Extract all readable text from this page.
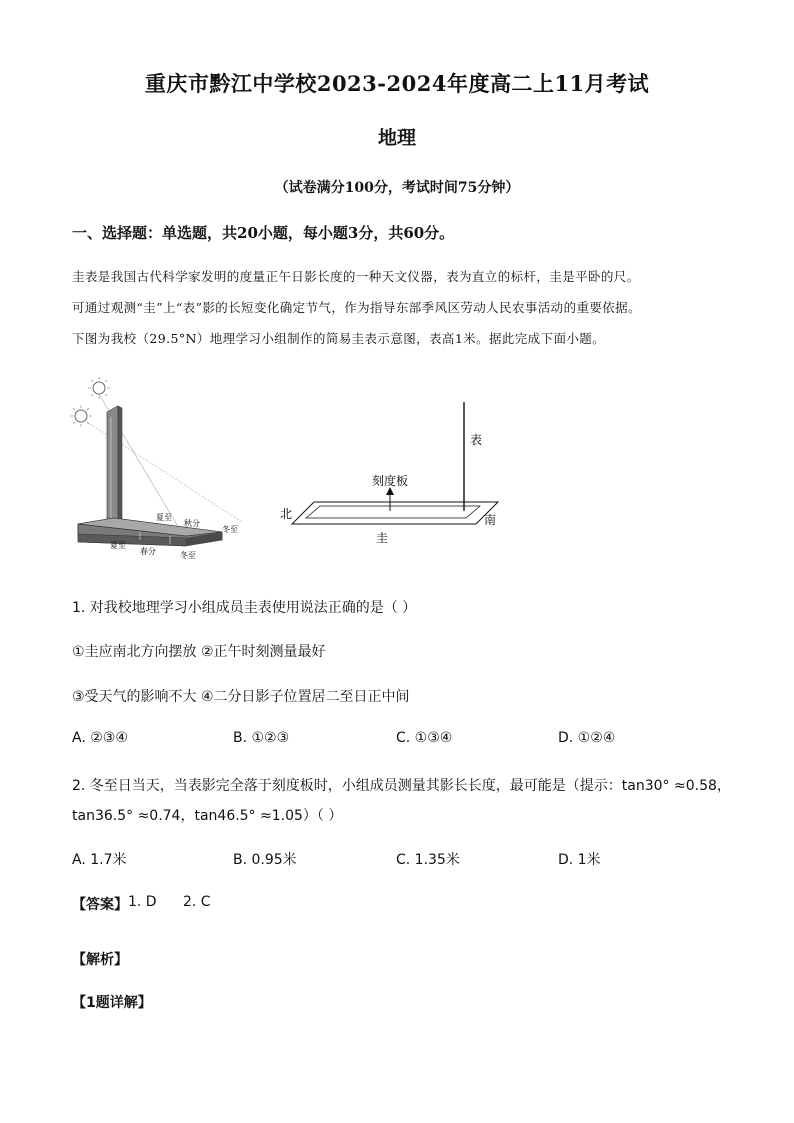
重庆市黔江中学校2023-2024年度高二上11月考试
地理
（试卷满分100分，考试时间75分钟）
一、选择题：单选题，共20小题，每小题3分，共60分。
圭表是我国古代科学家发明的度量正午日影长度的一种天文仪器，表为直立的标杆，圭是平卧的尺。
可通过观测“圭”上“表”影的长短变化确定节气，作为指导东部季风区劳动人民农事活动的重要依据。
下图为我校（29.5°N）地理学习小组制作的简易圭表示意图，表高1米。据此完成下面小题。
夏至
秋分
冬至
夏至
春分	冬至
表
刻度板
北	南
圭
1. 对我校地理学习小组成员圭表使用说法正确的是（ ）
①圭应南北方向摆放 ②正午时刻测量最好
③受天气的影响不大 ④二分日影子位置居二至日正中间
A. ②③④	B. ①②③	C. ①③④	D. ①②④
2. 冬至日当天，当表影完全落于刻度板时，小组成员测量其影长长度，最可能是（提示：tan30° ≈0.58，
tan36.5° ≈0.74，tan46.5° ≈1.05）（ ）
A. 1.7米	B. 0.95米	C. 1.35米	D. 1米
【答案】 1. D 2. C
【解析】
【1题详解】
